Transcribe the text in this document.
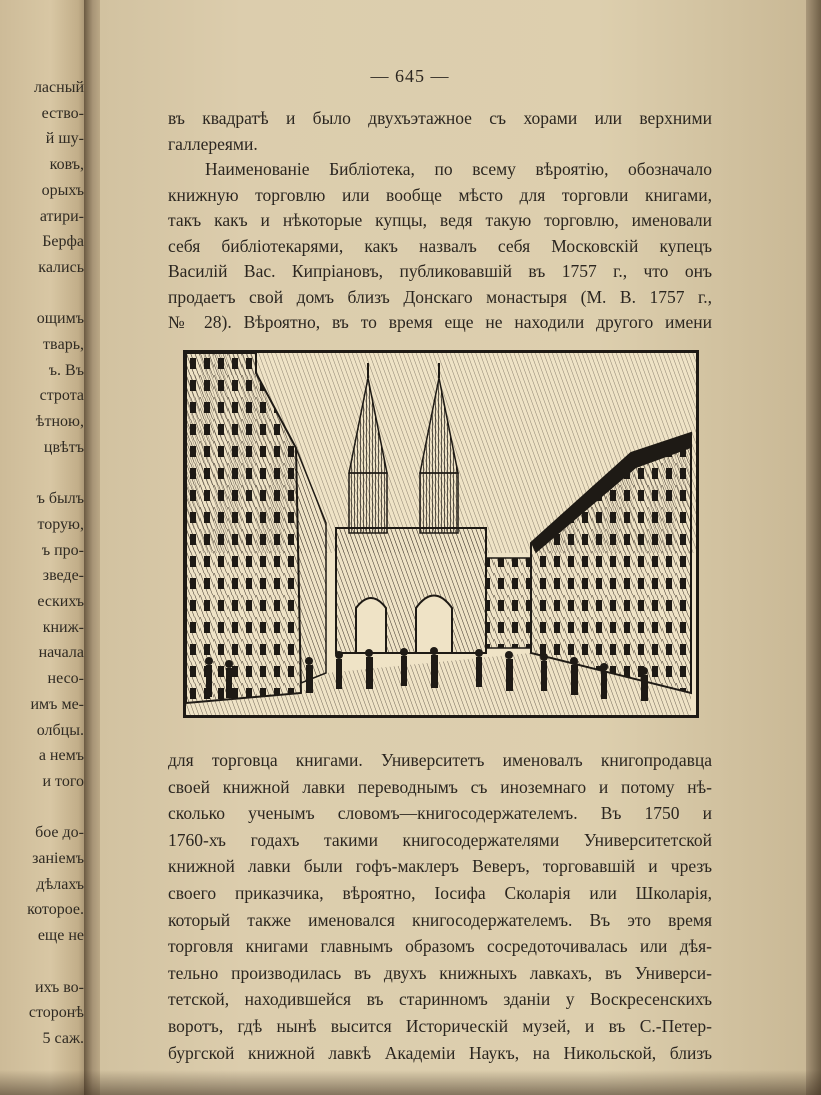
ласный
ество-
й шу-
ковъ,
орыхъ
атири-
Берфа
кались
ощимъ
твaрь,
ъ. Въ
строта
ѣтною,
цвѣтъ
ъ былъ
торую,
ъ про-
зведе-
ескихъ
книж-
начала
несо-
имъ ме-
олбцы.
а немъ
и того
бое до-
занiемъ
дѣлахъ
которое.
еще не
ихъ во-
сторонѣ
5 саж.
— 645 —
въ квадратѣ и было двухъэтажное съ хорами или верхними
галлереями.
Наименованiе Библiотека, по всему вѣроятiю, обозначало
книжную торговлю или вообще мѣсто для торговли книгами,
такъ какъ и нѣкоторые купцы, ведя такую торговлю, именовали
себя библiотекарями, какъ назвалъ себя Московскiй купецъ
Василiй Вас. Кипрiановъ, публиковавшiй въ 1757 г., что онъ
продаетъ свой домъ близъ Донскаго монастыря (М. В. 1757 г.,
№ 28). Вѣроятно, въ то время еще не находили другого имени
для торговца книгами. Университетъ именовалъ книгопродавца
своей книжной лавки переводнымъ съ иноземнаго и потому нѣ-
сколько ученымъ словомъ—книгосодержателемъ. Въ 1750 и
1760-хъ годахъ такими книгосодержателями Университетской
книжной лавки были гофъ-маклеръ Веверъ, торговавшiй и чрезъ
своего приказчика, вѣроятно, Iосифа Сколарiя или Школарiя,
который также именовался книгосодержателемъ. Въ это время
торговля книгами главнымъ образомъ сосредоточивалась или дѣя-
тельно производилась въ двухъ книжныхъ лавкахъ, въ Универси-
тетской, находившейся въ старинномъ зданiи у Воскресенскихъ
воротъ, гдѣ нынѣ высится Историческiй музей, и въ С.-Петер-
бургской книжной лавкѣ Академiи Наукъ, на Никольской, близъ
